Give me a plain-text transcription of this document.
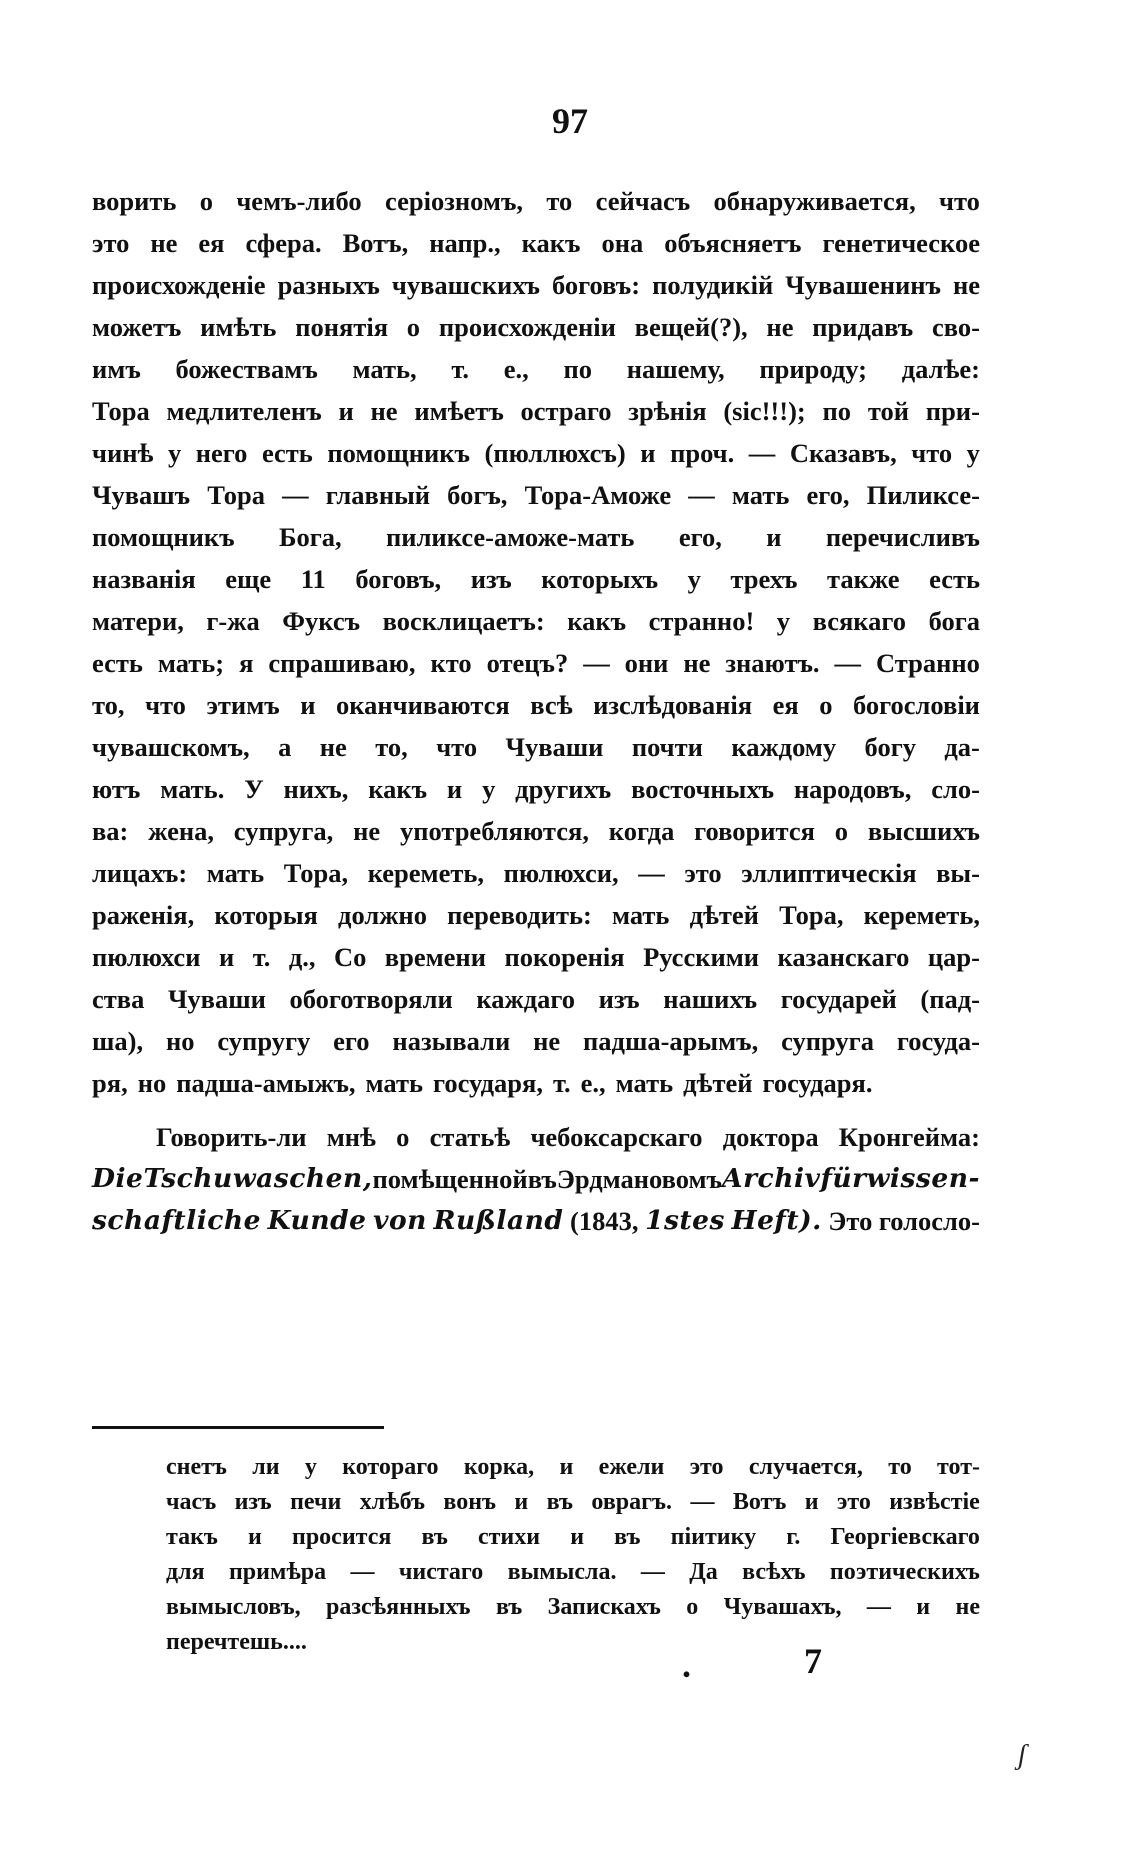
97
ворить о чемъ-либо серіозномъ, то сейчасъ обнаруживается, что
это не ея сфера. Вотъ, напр., какъ она объясняетъ генетическое
происхожденіе разныхъ чувашскихъ боговъ: полудикій Чувашенинъ не
можетъ имѣть понятія о происхожденіи вещей(?), не придавъ сво-
имъ божествамъ мать, т. е., по нашему, природу; далѣе:
Тора медлителенъ и не имѣетъ остраго зрѣнія (sic!!!); по той при-
чинѣ у него есть помощникъ (пюллюхсъ) и проч. — Сказавъ, что у
Чувашъ Тора — главный богъ, Тора-Аможе — мать его, Пиликсе-
помощникъ Бога, пиликсе-аможе-мать его, и перечисливъ
названія еще 11 боговъ, изъ которыхъ у трехъ также есть
матери, г-жа Фуксъ восклицаетъ: какъ странно! у всякаго бога
есть мать; я спрашиваю, кто отецъ? — они не знаютъ. — Странно
то, что этимъ и оканчиваются всѣ изслѣдованія ея о богословіи
чувашскомъ, а не то, что Чуваши почти каждому богу да-
ютъ мать. У нихъ, какъ и у другихъ восточныхъ народовъ, сло-
ва: жена, супруга, не употребляются, когда говорится о высшихъ
лицахъ: мать Тора, кереметь, пюлюхси, — это эллиптическія вы-
раженія, которыя должно переводить: мать дѣтей Тора, кереметь,
пюлюхси и т. д., Со времени покоренія Русскими казанскаго цар-
ства Чуваши обоготворяли каждаго изъ нашихъ государей (пад-
ша), но супругу его называли не падша-арымъ, супруга госуда-
ря, но падша-амыжъ, мать государя, т. е., мать дѣтей государя.
Говорить-ли мнѣ о статьѣ чебоксарскаго доктора Кронгейма:
Die Tschuwaschen, помѣщенной въ Эрдмановомъ Archiv für wissen-
schaftliche Kunde von Rußland (1843, 1stes Heft). Это голосло-
снетъ ли у котораго корка, и ежели это случается, то тот-
часъ изъ печи хлѣбъ вонъ и въ оврагъ. — Вотъ и это извѣстіе
такъ и просится въ стихи и въ піитику г. Георгіевскаго
для примѣра — чистаго вымысла. — Да всѣхъ поэтическихъ
вымысловъ, разсѣянныхъ въ Запискахъ о Чувашахъ, — и не
перечтешь....
.	7
ʃ
